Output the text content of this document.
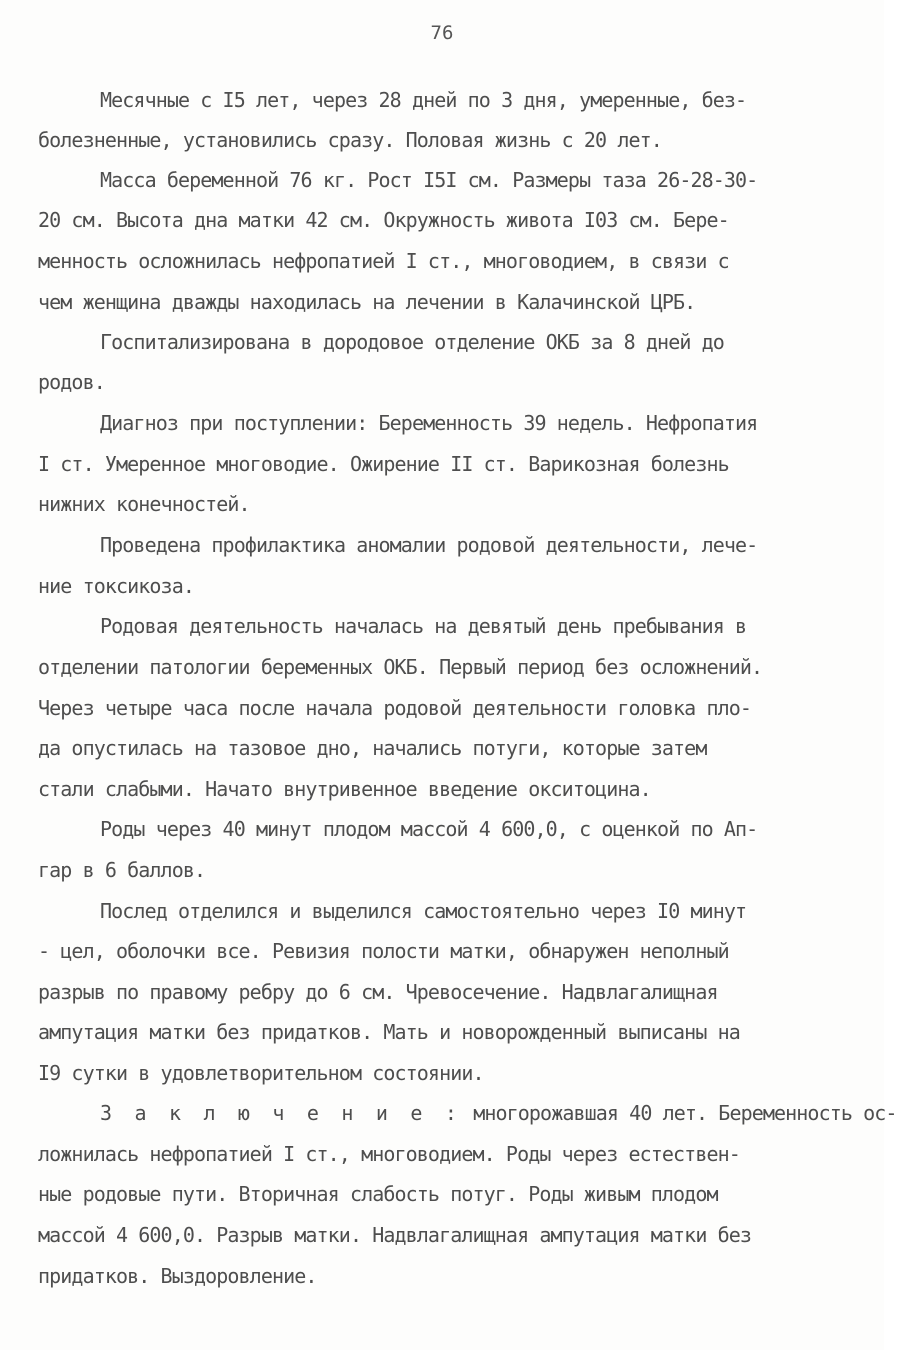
76
Месячные с I5 лет, через 28 дней по 3 дня, умеренные, без-
болезненные, установились сразу. Половая жизнь с 20 лет.
Масса беременной 76 кг. Рост I5I см. Размеры таза 26-28-30-
20 см. Высота дна матки 42 см. Окружность живота I03 см. Бере-
менность осложнилась нефропатией I ст., многоводием, в связи с
чем женщина дважды находилась на лечении в Калачинской ЦРБ.
Госпитализирована в дородовое отделение ОКБ за 8 дней до
родов.
Диагноз при поступлении: Беременность 39 недель. Нефропатия
I ст. Умеренное многоводие. Ожирение II ст. Варикозная болезнь
нижних конечностей.
Проведена профилактика аномалии родовой деятельности, лече-
ние токсикоза.
Родовая деятельность началась на девятый день пребывания в
отделении патологии беременных ОКБ. Первый период без осложнений.
Через четыре часа после начала родовой деятельности головка пло-
да опустилась на тазовое дно, начались потуги, которые затем
стали слабыми. Начато внутривенное введение окситоцина.
Роды через 40 минут плодом массой 4 600,0, с оценкой по Ап-
гар в 6 баллов.
Послед отделился и выделился самостоятельно через I0 минут
- цел, оболочки все. Ревизия полости матки, обнаружен неполный
разрыв по правому ребру до 6 см. Чревосечение. Надвлагалищная
ампутация матки без придатков. Мать и новорожденный выписаны на
I9 сутки в удовлетворительном состоянии.
З а к л ю ч е н и е : многорожавшая 40 лет. Беременность ос-
ложнилась нефропатией I ст., многоводием. Роды через естествен-
ные родовые пути. Вторичная слабость потуг. Роды живым плодом
массой 4 600,0. Разрыв матки. Надвлагалищная ампутация матки без
придатков. Выздоровление.
